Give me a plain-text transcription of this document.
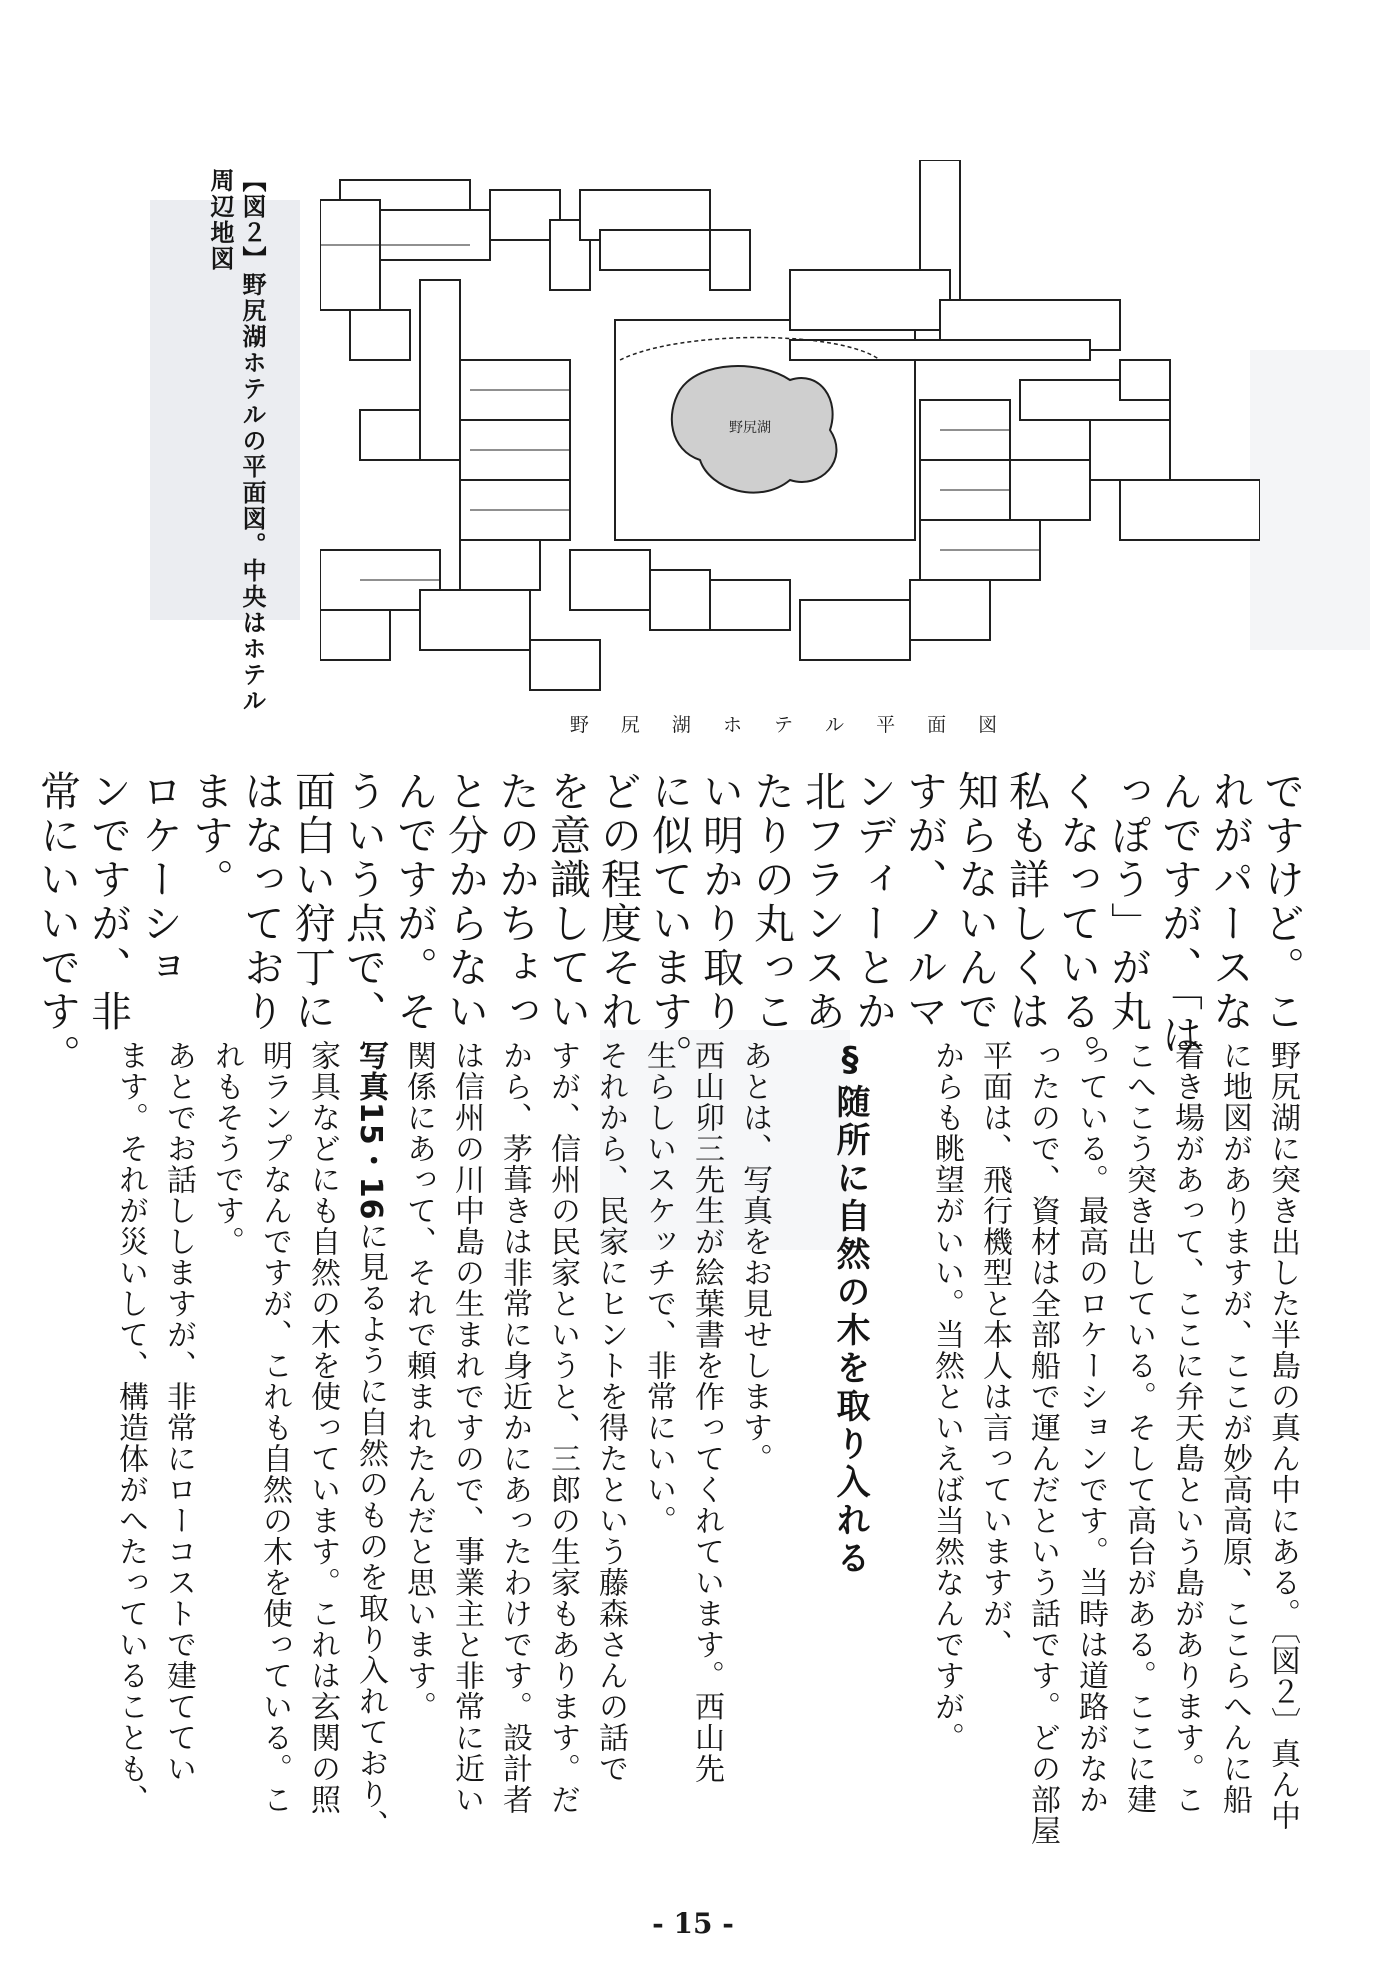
【図２】野尻湖ホテルの平面図。中央はホテル
周辺地図
野尻湖
野 尻 湖 ホ テ ル 平 面 図
ですけど。こ
れがパースな
んですが、「は
っぽう」が丸
くなっている。
私も詳しくは
知らないんで
すが、ノルマ
ンディーとか
北フランスあ
たりの丸っこ
い明かり取り
に似ています。
どの程度それ
を意識してい
たのかちょっ
と分からない
んですが。そ
ういう点で、
面白い狩丁に
はなっており
ます。
ロケーショ
ンですが、非
常にいいです。
野尻湖に突き出した半島の真ん中にある。〔図２〕真ん中
に地図がありますが、ここが妙高高原、ここらへんに船
着き場があって、ここに弁天島という島があります。こ
こへこう突き出している。そして高台がある。ここに建
っている。最高のロケーションです。当時は道路がなか
ったので、資材は全部船で運んだという話です。どの部屋
平面は、飛行機型と本人は言っていますが、
からも眺望がいい。当然といえば当然なんですが。

§随所に自然の木を取り入れる

あとは、写真をお見せします。
西山卯三先生が絵葉書を作ってくれています。西山先
生らしいスケッチで、非常にいい。
それから、民家にヒントを得たという藤森さんの話で
すが、信州の民家というと、三郎の生家もあります。だ
から、茅葺きは非常に身近かにあったわけです。設計者
は信州の川中島の生まれですので、事業主と非常に近い
関係にあって、それで頼まれたんだと思います。
写真15・16に見るように自然のものを取り入れており、
家具などにも自然の木を使っています。これは玄関の照
明ランプなんですが、これも自然の木を使っている。こ
れもそうです。
あとでお話ししますが、非常にローコストで建ててい
ます。それが災いして、構造体がへたっていることも、
- 15 -
